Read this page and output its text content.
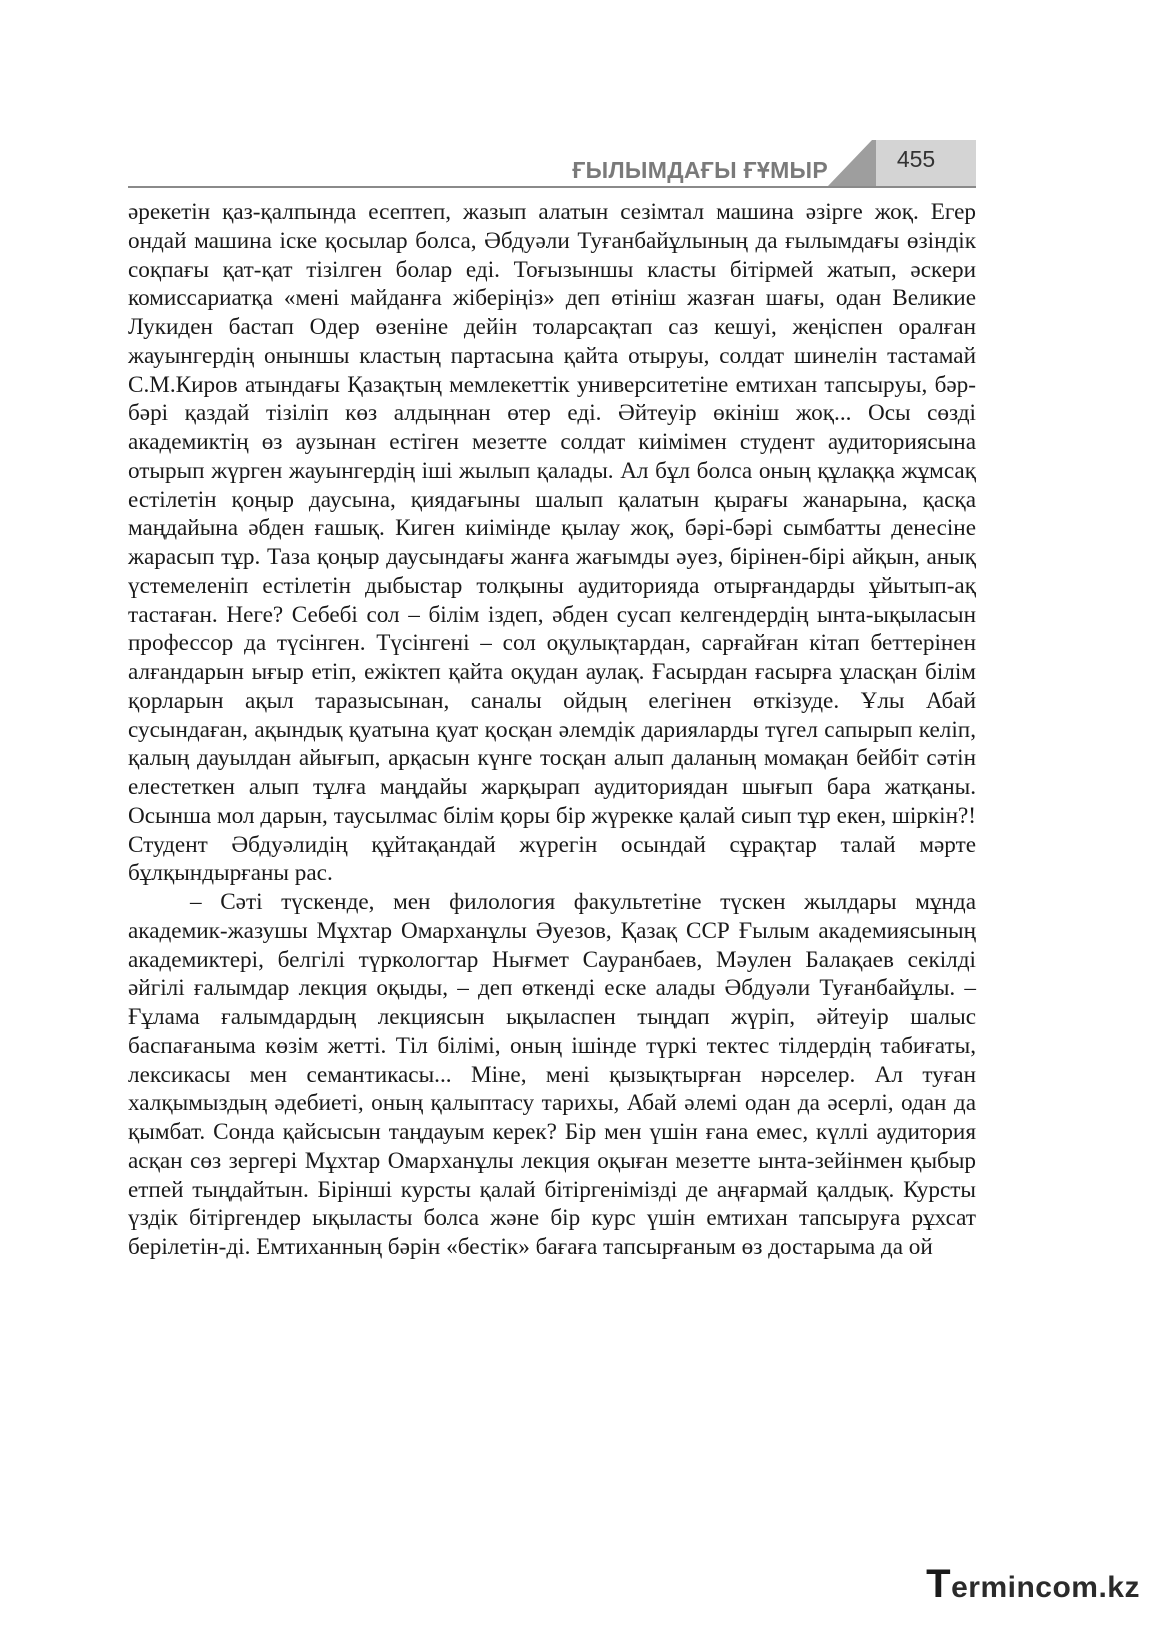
ҒЫЛЫМДАҒЫ ҒҰМЫР	455

әрекетін қаз-қалпында есептеп, жазып алатын сезімтал машина әзірге жоқ. Егер ондай машина іске қосылар болса, Әбдуәли Туғанбайұлының да ғылымдағы өзіндік соқпағы қат-қат тізілген болар еді. Тоғызыншы класты бітірмей жатып, әскери комиссариатқа «мені майданға жіберіңіз» деп өтініш жазған шағы, одан Великие Лукиден бастап Одер өзеніне дейін толарсақтап саз кешуі, жеңіспен оралған жауынгердің оныншы кластың партасына қайта отыруы, солдат шинелін тастамай С.М.Киров атындағы Қазақтың мемлекеттік университетіне емтихан тапсыруы, бәр-бәрі қаздай тізіліп көз алдыңнан өтер еді. Әйтеуір өкініш жоқ... Осы сөзді академиктің өз аузынан естіген мезетте солдат киімімен студент аудиториясына отырып жүрген жауынгердің іші жылып қалады. Ал бұл болса оның құлаққа жұмсақ естілетін қоңыр даусына, қиядағыны шалып қалатын қырағы жанарына, қасқа маңдайына әбден ғашық. Киген киімінде қылау жоқ, бәрі-бәрі сымбатты денесіне жарасып тұр. Таза қоңыр даусындағы жанға жағымды әуез, бірінен-бірі айқын, анық үстемеленіп естілетін дыбыстар толқыны аудиторияда отырғандарды ұйытып-ақ тастаған. Неге? Себебі сол – білім іздеп, әбден сусап келгендердің ынта-ықыласын профессор да түсінген. Түсінгені – сол оқулықтардан, сарғайған кітап беттерінен алғандарын ығыр етіп, ежіктеп қайта оқудан аулақ. Ғасырдан ғасырға ұласқан білім қорларын ақыл таразысынан, саналы ойдың елегінен өткізуде. Ұлы Абай сусындаған, ақындық қуатына қуат қосқан әлемдік дарияларды түгел сапырып келіп, қалың дауылдан айығып, арқасын күнге тосқан алып даланың момақан бейбіт сәтін елестеткен алып тұлға маңдайы жарқырап аудиториядан шығып бара жатқаны. Осынша мол дарын, таусылмас білім қоры бір жүрекке қалай сиып тұр екен, шіркін?! Студент Әбдуәлидің құйтақандай жүрегін осындай сұрақтар талай мәрте бұлқындырғаны рас.

– Сәті түскенде, мен филология факультетіне түскен жылдары мұнда академик-жазушы Мұхтар Омарханұлы Әуезов, Қазақ ССР Ғылым академиясының академиктері, белгілі түркологтар Нығмет Сауранбаев, Мәулен Балақаев секілді әйгілі ғалымдар лекция оқыды, – деп өткенді еске алады Әбдуәли Туғанбайұлы. – Ғұлама ғалымдардың лекциясын ықыласпен тыңдап жүріп, әйтеуір шалыс баспағаныма көзім жетті. Тіл білімі, оның ішінде түркі тектес тілдердің табиғаты, лексикасы мен семантикасы... Міне, мені қызықтырған нәрселер. Ал туған халқымыздың әдебиеті, оның қалыптасу тарихы, Абай әлемі одан да әсерлі, одан да қымбат. Сонда қайсысын таңдауым керек? Бір мен үшін ғана емес, күллі аудитория асқан сөз зергері Мұхтар Омарханұлы лекция оқыған мезетте ынта-зейінмен қыбыр етпей тыңдайтын. Бірінші курсты қалай бітіргенімізді де аңғармай қалдық. Курсты үздік бітіргендер ықыласты болса және бір курс үшін емтихан тапсыруға рұхсат берілетін-ді. Емтиханның бәрін «бестік» бағаға тапсырғаным өз достарыма да ой

Termincom.kz
